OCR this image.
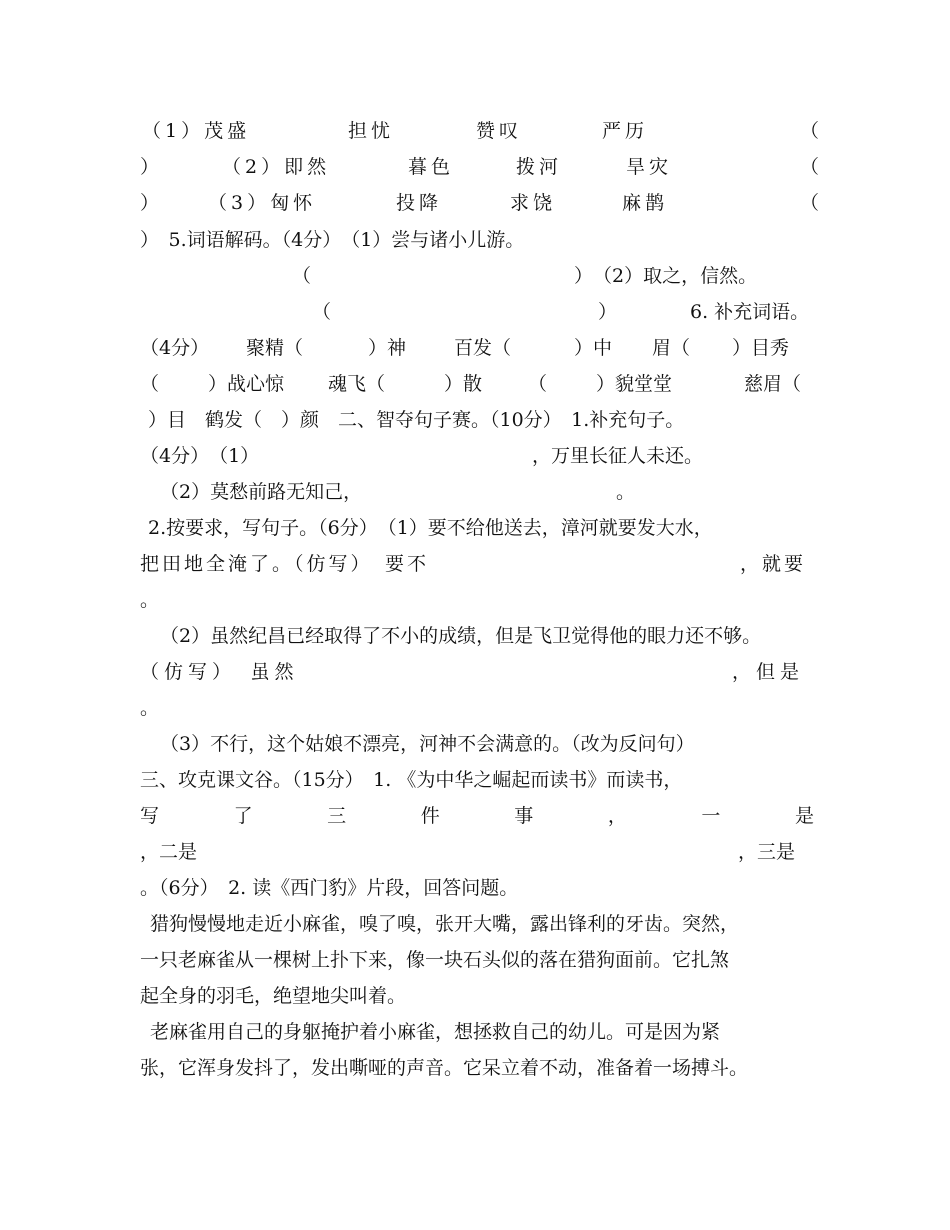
（1）茂盛	担忧	赞叹	严历	（
）	（2）即然	暮色	拨河	旱灾	（
）	（3）匈怀	投降	求饶	麻鹊	（
）　5.词语解码。（4分）　（1）尝与诸小儿游。
（	）　（2）取之，信然。
（	）	6. 补充词语。
（4分） 聚精（	）神	百发（	）中 眉（ ）目秀
（	）战心惊 魂飞（	）散 （	）貌堂堂	慈眉（
）目　鹤发（　）颜　二、智夺句子赛。（10分）　1.补充句子。
（4分）　（1）	，万里长征人未还。
（2）莫愁前路无知己，	。
2.按要求，写句子。（6分）　（1）要不给他送去，漳河就要发大水，
把田地全淹了。（仿写）　要不	，就要
。
（2）虽然纪昌已经取得了不小的成绩，但是飞卫觉得他的眼力还不够。
（仿写）　虽然	，但是
。
（3）不行，这个姑娘不漂亮，河神不会满意的。（改为反问句）
三、攻克课文谷。（15分）　1. 《为中华之崛起而读书》而读书，
写	了	三	件	事	，	一	是
，二是	，三是
。（6分）　2. 读《西门豹》片段，回答问题。
猎狗慢慢地走近小麻雀，嗅了嗅，张开大嘴，露出锋利的牙齿。突然，
一只老麻雀从一棵树上扑下来，像一块石头似的落在猎狗面前。它扎煞
起全身的羽毛，绝望地尖叫着。
老麻雀用自己的身躯掩护着小麻雀，想拯救自己的幼儿。可是因为紧
张，它浑身发抖了，发出嘶哑的声音。它呆立着不动，准备着一场搏斗。
